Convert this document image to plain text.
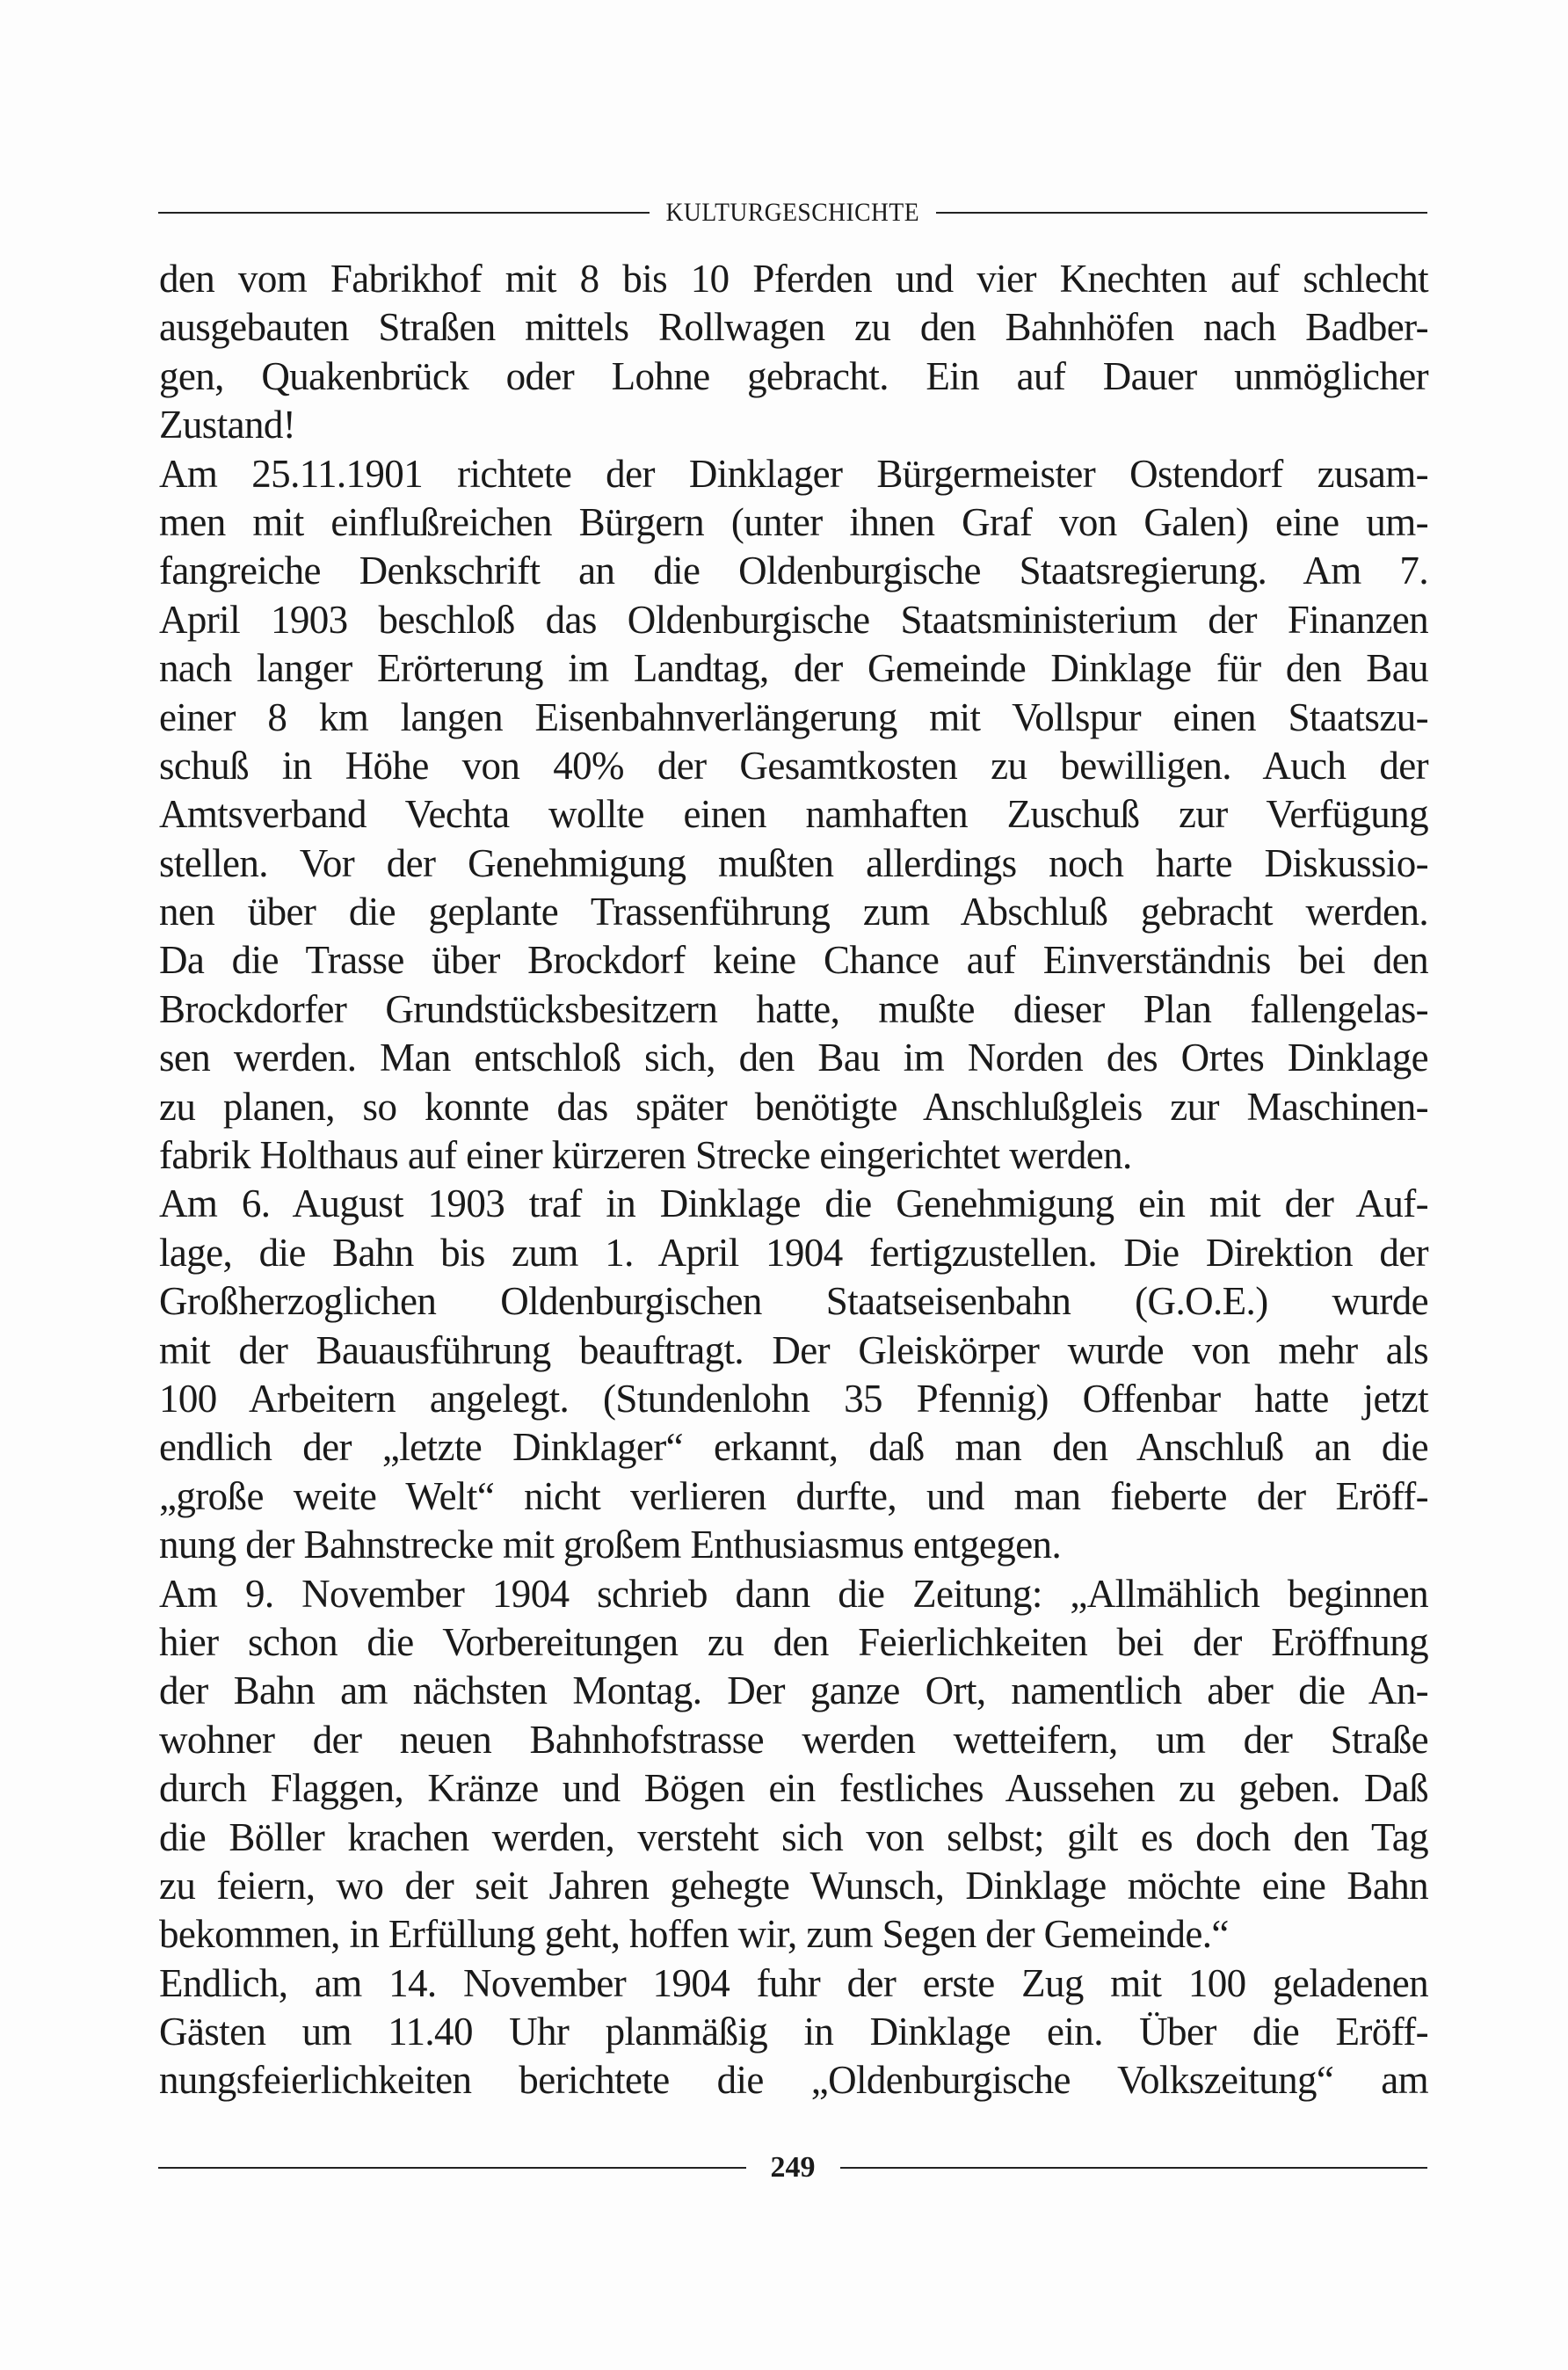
KULTURGESCHICHTE
den vom Fabrikhof mit 8 bis 10 Pferden und vier Knechten auf schlecht
ausgebauten Straßen mittels Rollwagen zu den Bahnhöfen nach Badber-
gen, Quakenbrück oder Lohne gebracht. Ein auf Dauer unmöglicher
Zustand!
Am 25.11.1901 richtete der Dinklager Bürgermeister Ostendorf zusam-
men mit einflußreichen Bürgern (unter ihnen Graf von Galen) eine um-
fangreiche Denkschrift an die Oldenburgische Staatsregierung. Am 7.
April 1903 beschloß das Oldenburgische Staatsministerium der Finanzen
nach langer Erörterung im Landtag, der Gemeinde Dinklage für den Bau
einer 8 km langen Eisenbahnverlängerung mit Vollspur einen Staatszu-
schuß in Höhe von 40% der Gesamtkosten zu bewilligen. Auch der
Amtsverband Vechta wollte einen namhaften Zuschuß zur Verfügung
stellen. Vor der Genehmigung mußten allerdings noch harte Diskussio-
nen über die geplante Trassenführung zum Abschluß gebracht werden.
Da die Trasse über Brockdorf keine Chance auf Einverständnis bei den
Brockdorfer Grundstücksbesitzern hatte, mußte dieser Plan fallengelas-
sen werden. Man entschloß sich, den Bau im Norden des Ortes Dinklage
zu planen, so konnte das später benötigte Anschlußgleis zur Maschinen-
fabrik Holthaus auf einer kürzeren Strecke eingerichtet werden.
Am 6. August 1903 traf in Dinklage die Genehmigung ein mit der Auf-
lage, die Bahn bis zum 1. April 1904 fertigzustellen. Die Direktion der
Großherzoglichen Oldenburgischen Staatseisenbahn (G.O.E.) wurde
mit der Bauausführung beauftragt. Der Gleiskörper wurde von mehr als
100 Arbeitern angelegt. (Stundenlohn 35 Pfennig) Offenbar hatte jetzt
endlich der „letzte Dinklager“ erkannt, daß man den Anschluß an die
„große weite Welt“ nicht verlieren durfte, und man fieberte der Eröff-
nung der Bahnstrecke mit großem Enthusiasmus entgegen.
Am 9. November 1904 schrieb dann die Zeitung: „Allmählich beginnen
hier schon die Vorbereitungen zu den Feierlichkeiten bei der Eröffnung
der Bahn am nächsten Montag. Der ganze Ort, namentlich aber die An-
wohner der neuen Bahnhofstrasse werden wetteifern, um der Straße
durch Flaggen, Kränze und Bögen ein festliches Aussehen zu geben. Daß
die Böller krachen werden, versteht sich von selbst; gilt es doch den Tag
zu feiern, wo der seit Jahren gehegte Wunsch, Dinklage möchte eine Bahn
bekommen, in Erfüllung geht, hoffen wir, zum Segen der Gemeinde.“
Endlich, am 14. November 1904 fuhr der erste Zug mit 100 geladenen
Gästen um 11.40 Uhr planmäßig in Dinklage ein. Über die Eröff-
nungsfeierlichkeiten berichtete die „Oldenburgische Volkszeitung“ am
249
